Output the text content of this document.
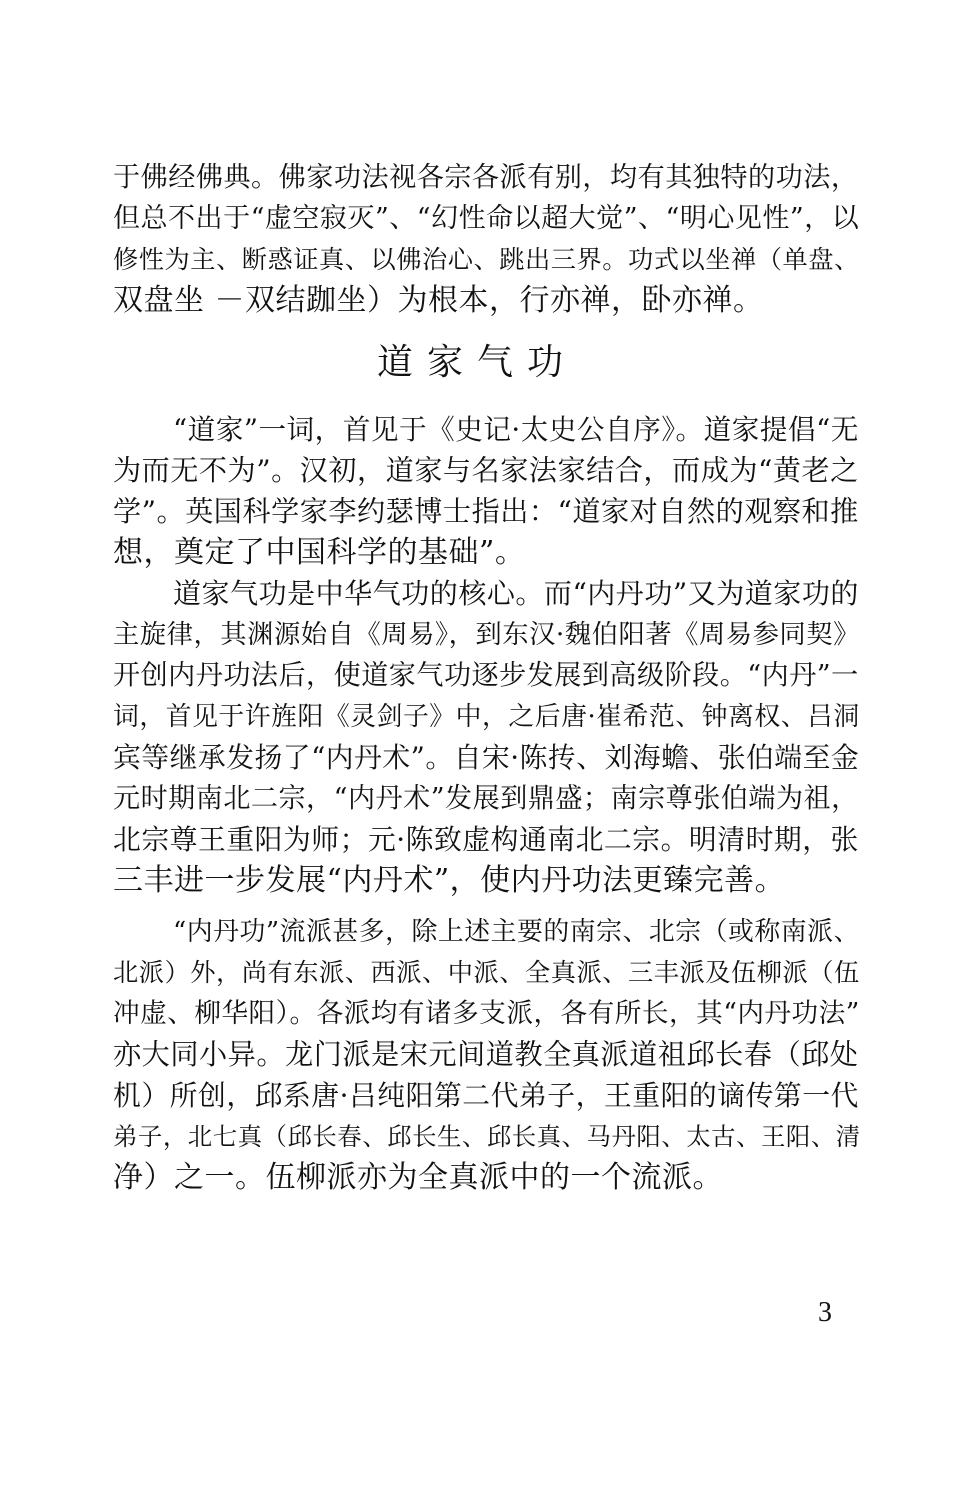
于佛经佛典。佛家功法视各宗各派有别，均有其独特的功法，
但总不出于“虚空寂灭”、“幻性命以超大觉”、“明心见性”，以
修性为主、断惑证真、以佛治心、跳出三界。功式以坐禅（单盘、
双盘坐 －双结跏坐）为根本，行亦禅，卧亦禅。
道家气功
“道家”一词，首见于《史记·太史公自序》。道家提倡“无
为而无不为”。汉初，道家与名家法家结合，而成为“黄老之
学”。英国科学家李约瑟博士指出：“道家对自然的观察和推
想，奠定了中国科学的基础”。
道家气功是中华气功的核心。而“内丹功”又为道家功的
主旋律，其渊源始自《周易》，到东汉·魏伯阳著《周易参同契》
开创内丹功法后，使道家气功逐步发展到高级阶段。“内丹”一
词，首见于许旌阳《灵剑子》中，之后唐·崔希范、钟离权、吕洞
宾等继承发扬了“内丹术”。自宋·陈抟、刘海蟾、张伯端至金
元时期南北二宗，“内丹术”发展到鼎盛；南宗尊张伯端为祖，
北宗尊王重阳为师；元·陈致虚构通南北二宗。明清时期，张
三丰进一步发展“内丹术”，使内丹功法更臻完善。
“内丹功”流派甚多，除上述主要的南宗、北宗（或称南派、
北派）外，尚有东派、西派、中派、全真派、三丰派及伍柳派（伍
冲虚、柳华阳）。各派均有诸多支派，各有所长，其“内丹功法”
亦大同小异。龙门派是宋元间道教全真派道祖邱长春（邱处
机）所创，邱系唐·吕纯阳第二代弟子，王重阳的谪传第一代
弟子，北七真（邱长春、邱长生、邱长真、马丹阳、太古、王阳、清
净）之一。伍柳派亦为全真派中的一个流派。
3
